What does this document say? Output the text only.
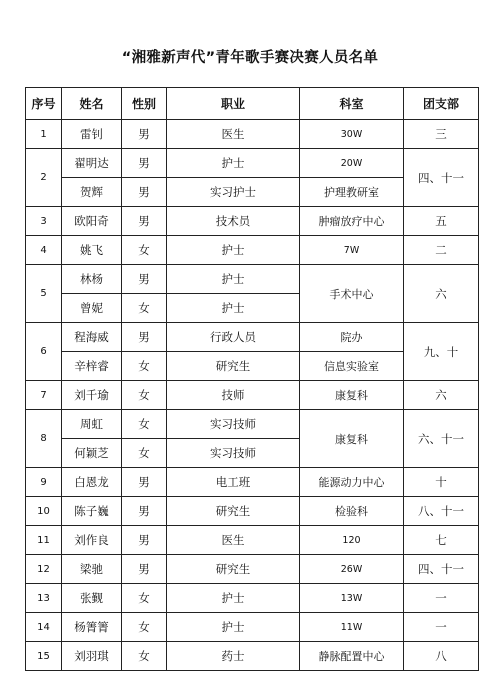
“湘雅新声代”青年歌手赛决赛人员名单
序号	姓名	性别	职业	科室	团支部
1	雷钊	男	医生	30W	三
2	翟明达	男	护士	20W	四、十一
	贺辉	男	实习护士	护理教研室	
3	欧阳奇	男	技术员	肿瘤放疗中心	五
4	姚飞	女	护士	7W	二
5	林杨	男	护士	手术中心	六
	曾妮	女	护士		
6	程海威	男	行政人员	院办	九、十
	辛梓睿	女	研究生	信息实验室	
7	刘千瑜	女	技师	康复科	六
8	周虹	女	实习技师	康复科	六、十一
	何颖芝	女	实习技师		
9	白恩龙	男	电工班	能源动力中心	十
10	陈子巍	男	研究生	检验科	八、十一
11	刘作良	男	医生	120	七
12	梁驰	男	研究生	26W	四、十一
13	张觐	女	护士	13W	一
14	杨箐箐	女	护士	11W	一
15	刘羽琪	女	药士	静脉配置中心	八
